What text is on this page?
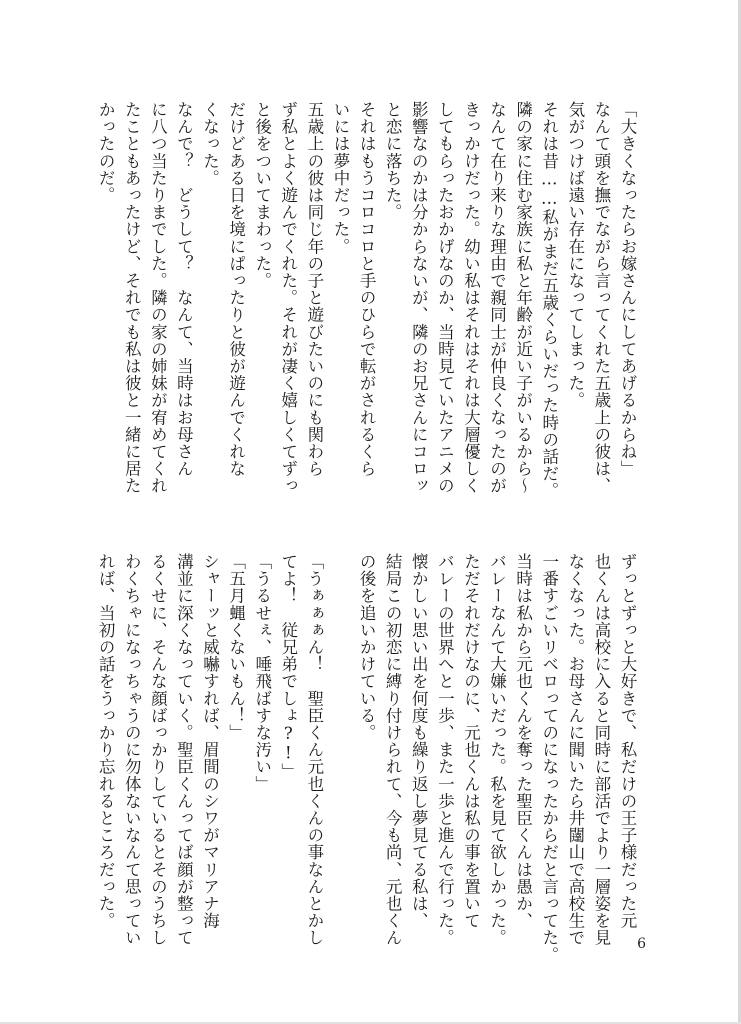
「大きくなったらお嫁さんにしてあげるからね」
なんて頭を撫でながら言ってくれた五歳上の彼は、
気がつけば遠い存在になってしまった。
それは昔……私がまだ五歳くらいだった時の話だ。
隣の家に住む家族に私と年齢が近い子がいるから～
なんて在り来りな理由で親同士が仲良くなったのが
きっかけだった。幼い私はそれはそれは大層優しく
してもらったおかげなのか、当時見ていたアニメの
影響なのかは分からないが、隣のお兄さんにコロッ
と恋に落ちた。
それはもうコロコロと手のひらで転がされるくら
いには夢中だった。
五歳上の彼は同じ年の子と遊びたいのにも関わら
ず私とよく遊んでくれた。それが凄く嬉しくてずっ
と後をついてまわった。
だけどある日を境にぱったりと彼が遊んでくれな
くなった。
なんで？　どうして？　なんて、当時はお母さん
に八つ当たりまでした。隣の家の姉妹が宥めてくれ
たこともあったけど、それでも私は彼と一緒に居た
かったのだ。
ずっとずっと大好きで、私だけの王子様だった元
也くんは高校に入ると同時に部活でより一層姿を見
なくなった。お母さんに聞いたら井闥山で高校生で
一番すごいリベロってのになったからだと言ってた。
当時は私から元也くんを奪った聖臣くんは愚か、
バレーなんて大嫌いだった。私を見て欲しかった。
ただそれだけなのに、元也くんは私の事を置いて
バレーの世界へと一歩、また一歩と進んで行った。
懐かしい思い出を何度も繰り返し夢見てる私は、
結局この初恋に縛り付けられて、今も尚、元也くん
の後を追いかけている。
「うぁぁぁん！　聖臣くん元也くんの事なんとかし
てよ！　従兄弟でしょ?!」
「うるせぇ、唾飛ばすな汚い」
「五月蝿くないもん！」
シャーッと威嚇すれば、眉間のシワがマリアナ海
溝並に深くなっていく。聖臣くんってば顔が整って
るくせに、そんな顔ばっかりしているとそのうちし
わくちゃになっちゃうのに勿体ないなんて思ってい
れば、当初の話をうっかり忘れるところだった。
6
